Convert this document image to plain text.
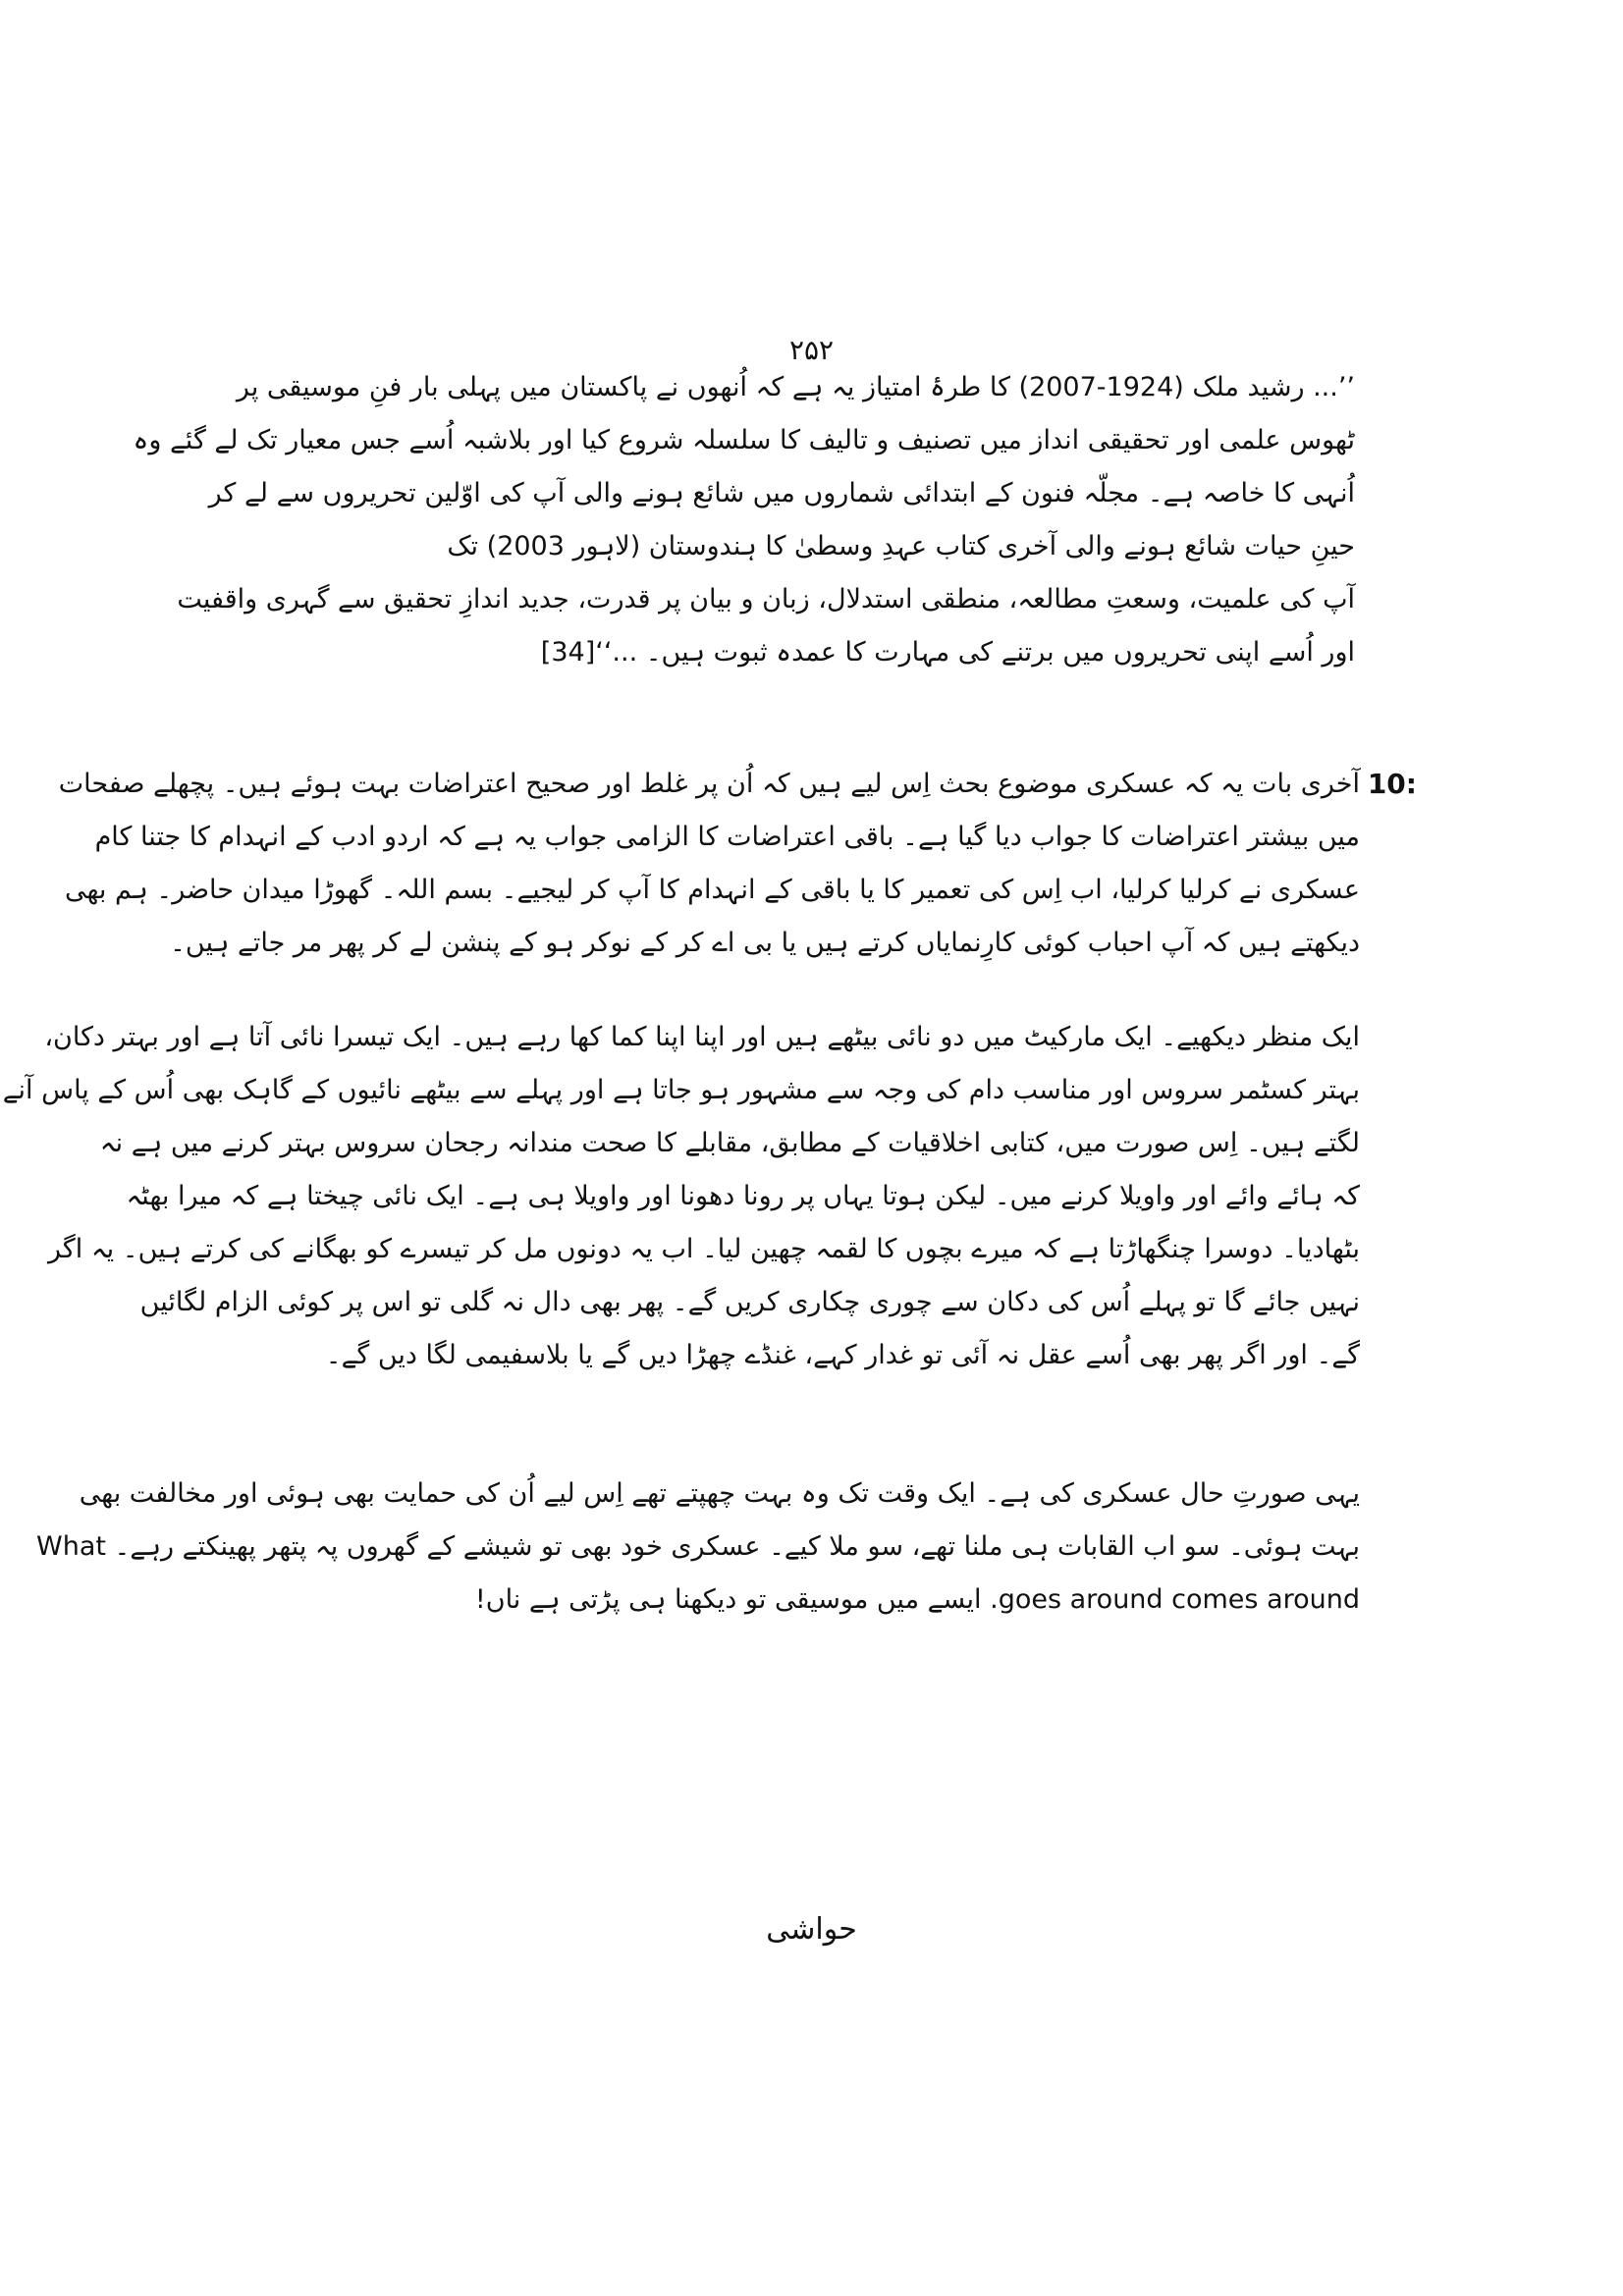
۲۵۲
’’... رشید ملک (1924-2007) کا طرۂ امتیاز یہ ہے کہ اُنھوں نے پاکستان میں پہلی بار فنِ موسیقی پر
ٹھوس علمی اور تحقیقی انداز میں تصنیف و تالیف کا سلسلہ شروع کیا اور بلاشبہ اُسے جس معیار تک لے گئے وہ
اُنہی کا خاصہ ہے۔ مجلّہ فنون کے ابتدائی شماروں میں شائع ہونے والی آپ کی اوّلین تحریروں سے لے کر
حینِ حیات شائع ہونے والی آخری کتاب عہدِ وسطیٰ کا ہندوستان (لاہور 2003) تک
آپ کی علمیت، وسعتِ مطالعہ، منطقی استدلال، زبان و بیان پر قدرت، جدید اندازِ تحقیق سے گہری واقفیت
اور اُسے اپنی تحریروں میں برتنے کی مہارت کا عمدہ ثبوت ہیں۔ ...‘‘[34]
10:
آخری بات یہ کہ عسکری موضوع بحث اِس لیے ہیں کہ اُن پر غلط اور صحیح اعتراضات بہت ہوئے ہیں۔ پچھلے صفحات
میں بیشتر اعتراضات کا جواب دیا گیا ہے۔ باقی اعتراضات کا الزامی جواب یہ ہے کہ اردو ادب کے انہدام کا جتنا کام
عسکری نے کرلیا کرلیا، اب اِس کی تعمیر کا یا باقی کے انہدام کا آپ کر لیجیے۔ بسم اللہ۔ گھوڑا میدان حاضر۔ ہم بھی
دیکھتے ہیں کہ آپ احباب کوئی کارِنمایاں کرتے ہیں یا بی اے کر کے نوکر ہو کے پنشن لے کر پھر مر جاتے ہیں۔
ایک منظر دیکھیے۔ ایک مارکیٹ میں دو نائی بیٹھے ہیں اور اپنا اپنا کما کھا رہے ہیں۔ ایک تیسرا نائی آتا ہے اور بہتر دکان،
بہتر کسٹمر سروس اور مناسب دام کی وجہ سے مشہور ہو جاتا ہے اور پہلے سے بیٹھے نائیوں کے گاہک بھی اُس کے پاس آنے
لگتے ہیں۔ اِس صورت میں، کتابی اخلاقیات کے مطابق، مقابلے کا صحت مندانہ رجحان سروس بہتر کرنے میں ہے نہ
کہ ہائے وائے اور واویلا کرنے میں۔ لیکن ہوتا یہاں پر رونا دھونا اور واویلا ہی ہے۔ ایک نائی چیختا ہے کہ میرا بھٹہ
بٹھادیا۔ دوسرا چنگھاڑتا ہے کہ میرے بچوں کا لقمہ چھین لیا۔ اب یہ دونوں مل کر تیسرے کو بھگانے کی کرتے ہیں۔ یہ اگر
نہیں جائے گا تو پہلے اُس کی دکان سے چوری چکاری کریں گے۔ پھر بھی دال نہ گلی تو اس پر کوئی الزام لگائیں
گے۔ اور اگر پھر بھی اُسے عقل نہ آئی تو غدار کہے، غنڈے چھڑا دیں گے یا بلاسفیمی لگا دیں گے۔
یہی صورتِ حال عسکری کی ہے۔ ایک وقت تک وہ بہت چھپتے تھے اِس لیے اُن کی حمایت بھی ہوئی اور مخالفت بھی
بہت ہوئی۔ سو اب القابات ہی ملنا تھے، سو ملا کیے۔ عسکری خود بھی تو شیشے کے گھروں پہ پتھر پھینکتے رہے۔ What
goes around comes around. ایسے میں موسیقی تو دیکھنا ہی پڑتی ہے ناں!
حواشی
